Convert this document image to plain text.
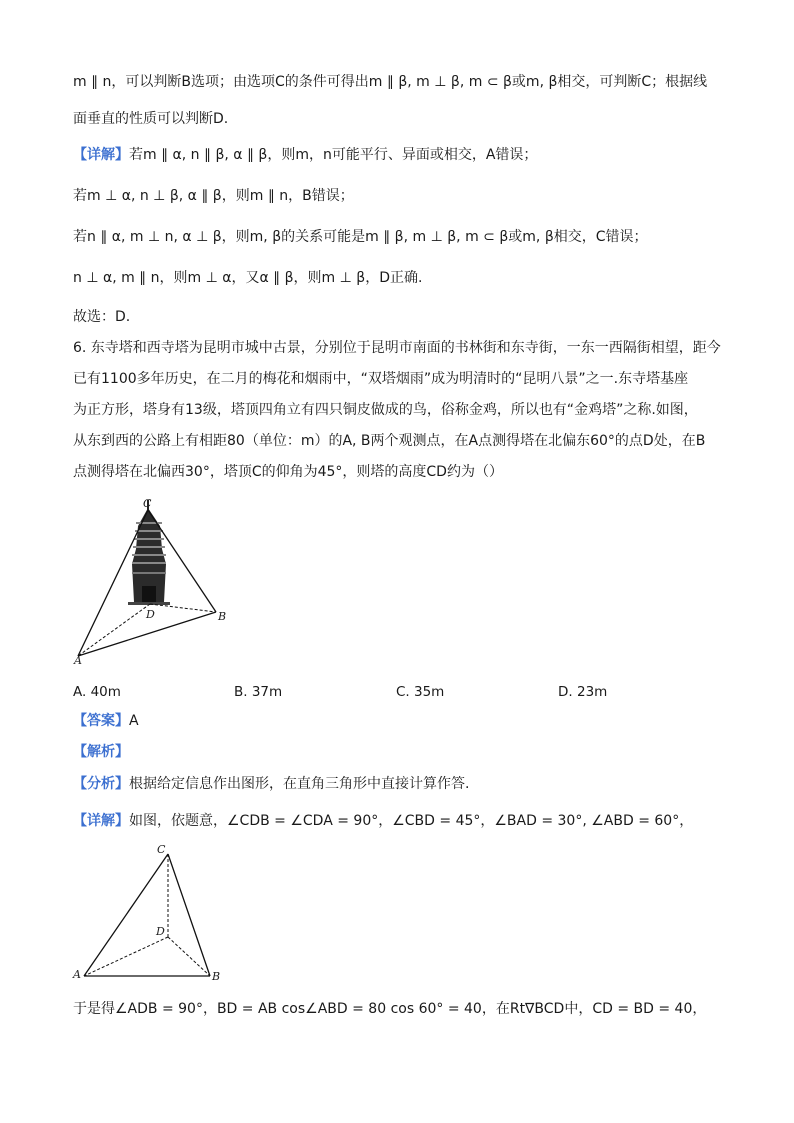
m ∥ n，可以判断B选项；由选项C的条件可得出m ∥ β, m ⊥ β, m ⊂ β或m, β相交，可判断C；根据线
面垂直的性质可以判断D.
【详解】若m ∥ α, n ∥ β, α ∥ β，则m，n可能平行、异面或相交，A错误；
若m ⊥ α, n ⊥ β, α ∥ β，则m ∥ n，B错误；
若n ∥ α, m ⊥ n, α ⊥ β，则m, β的关系可能是m ∥ β, m ⊥ β, m ⊂ β或m, β相交，C错误；
n ⊥ α, m ∥ n，则m ⊥ α，又α ∥ β，则m ⊥ β，D正确.
故选：D.
6. 东寺塔和西寺塔为昆明市城中古景，分别位于昆明市南面的书林街和东寺街，一东一西隔街相望，距今
已有1100多年历史，在二月的梅花和烟雨中，“双塔烟雨”成为明清时的“昆明八景”之一.东寺塔基座
为正方形，塔身有13级，塔顶四角立有四只铜皮做成的鸟，俗称金鸡，所以也有“金鸡塔”之称.如图，
从东到西的公路上有相距80（单位：m）的A, B两个观测点，在A点测得塔在北偏东60°的点D处，在B
点测得塔在北偏西30°，塔顶C的仰角为45°，则塔的高度CD约为（）
C
D
A
B
A. 40m	B. 37m	C. 35m	D. 23m
【答案】A
【解析】
【分析】根据给定信息作出图形，在直角三角形中直接计算作答.
【详解】如图，依题意，∠CDB = ∠CDA = 90°，∠CBD = 45°，∠BAD = 30°, ∠ABD = 60°，
C
D
A	B
于是得∠ADB = 90°，BD = AB cos∠ABD = 80 cos 60° = 40，在Rt∇BCD中，CD = BD = 40，
